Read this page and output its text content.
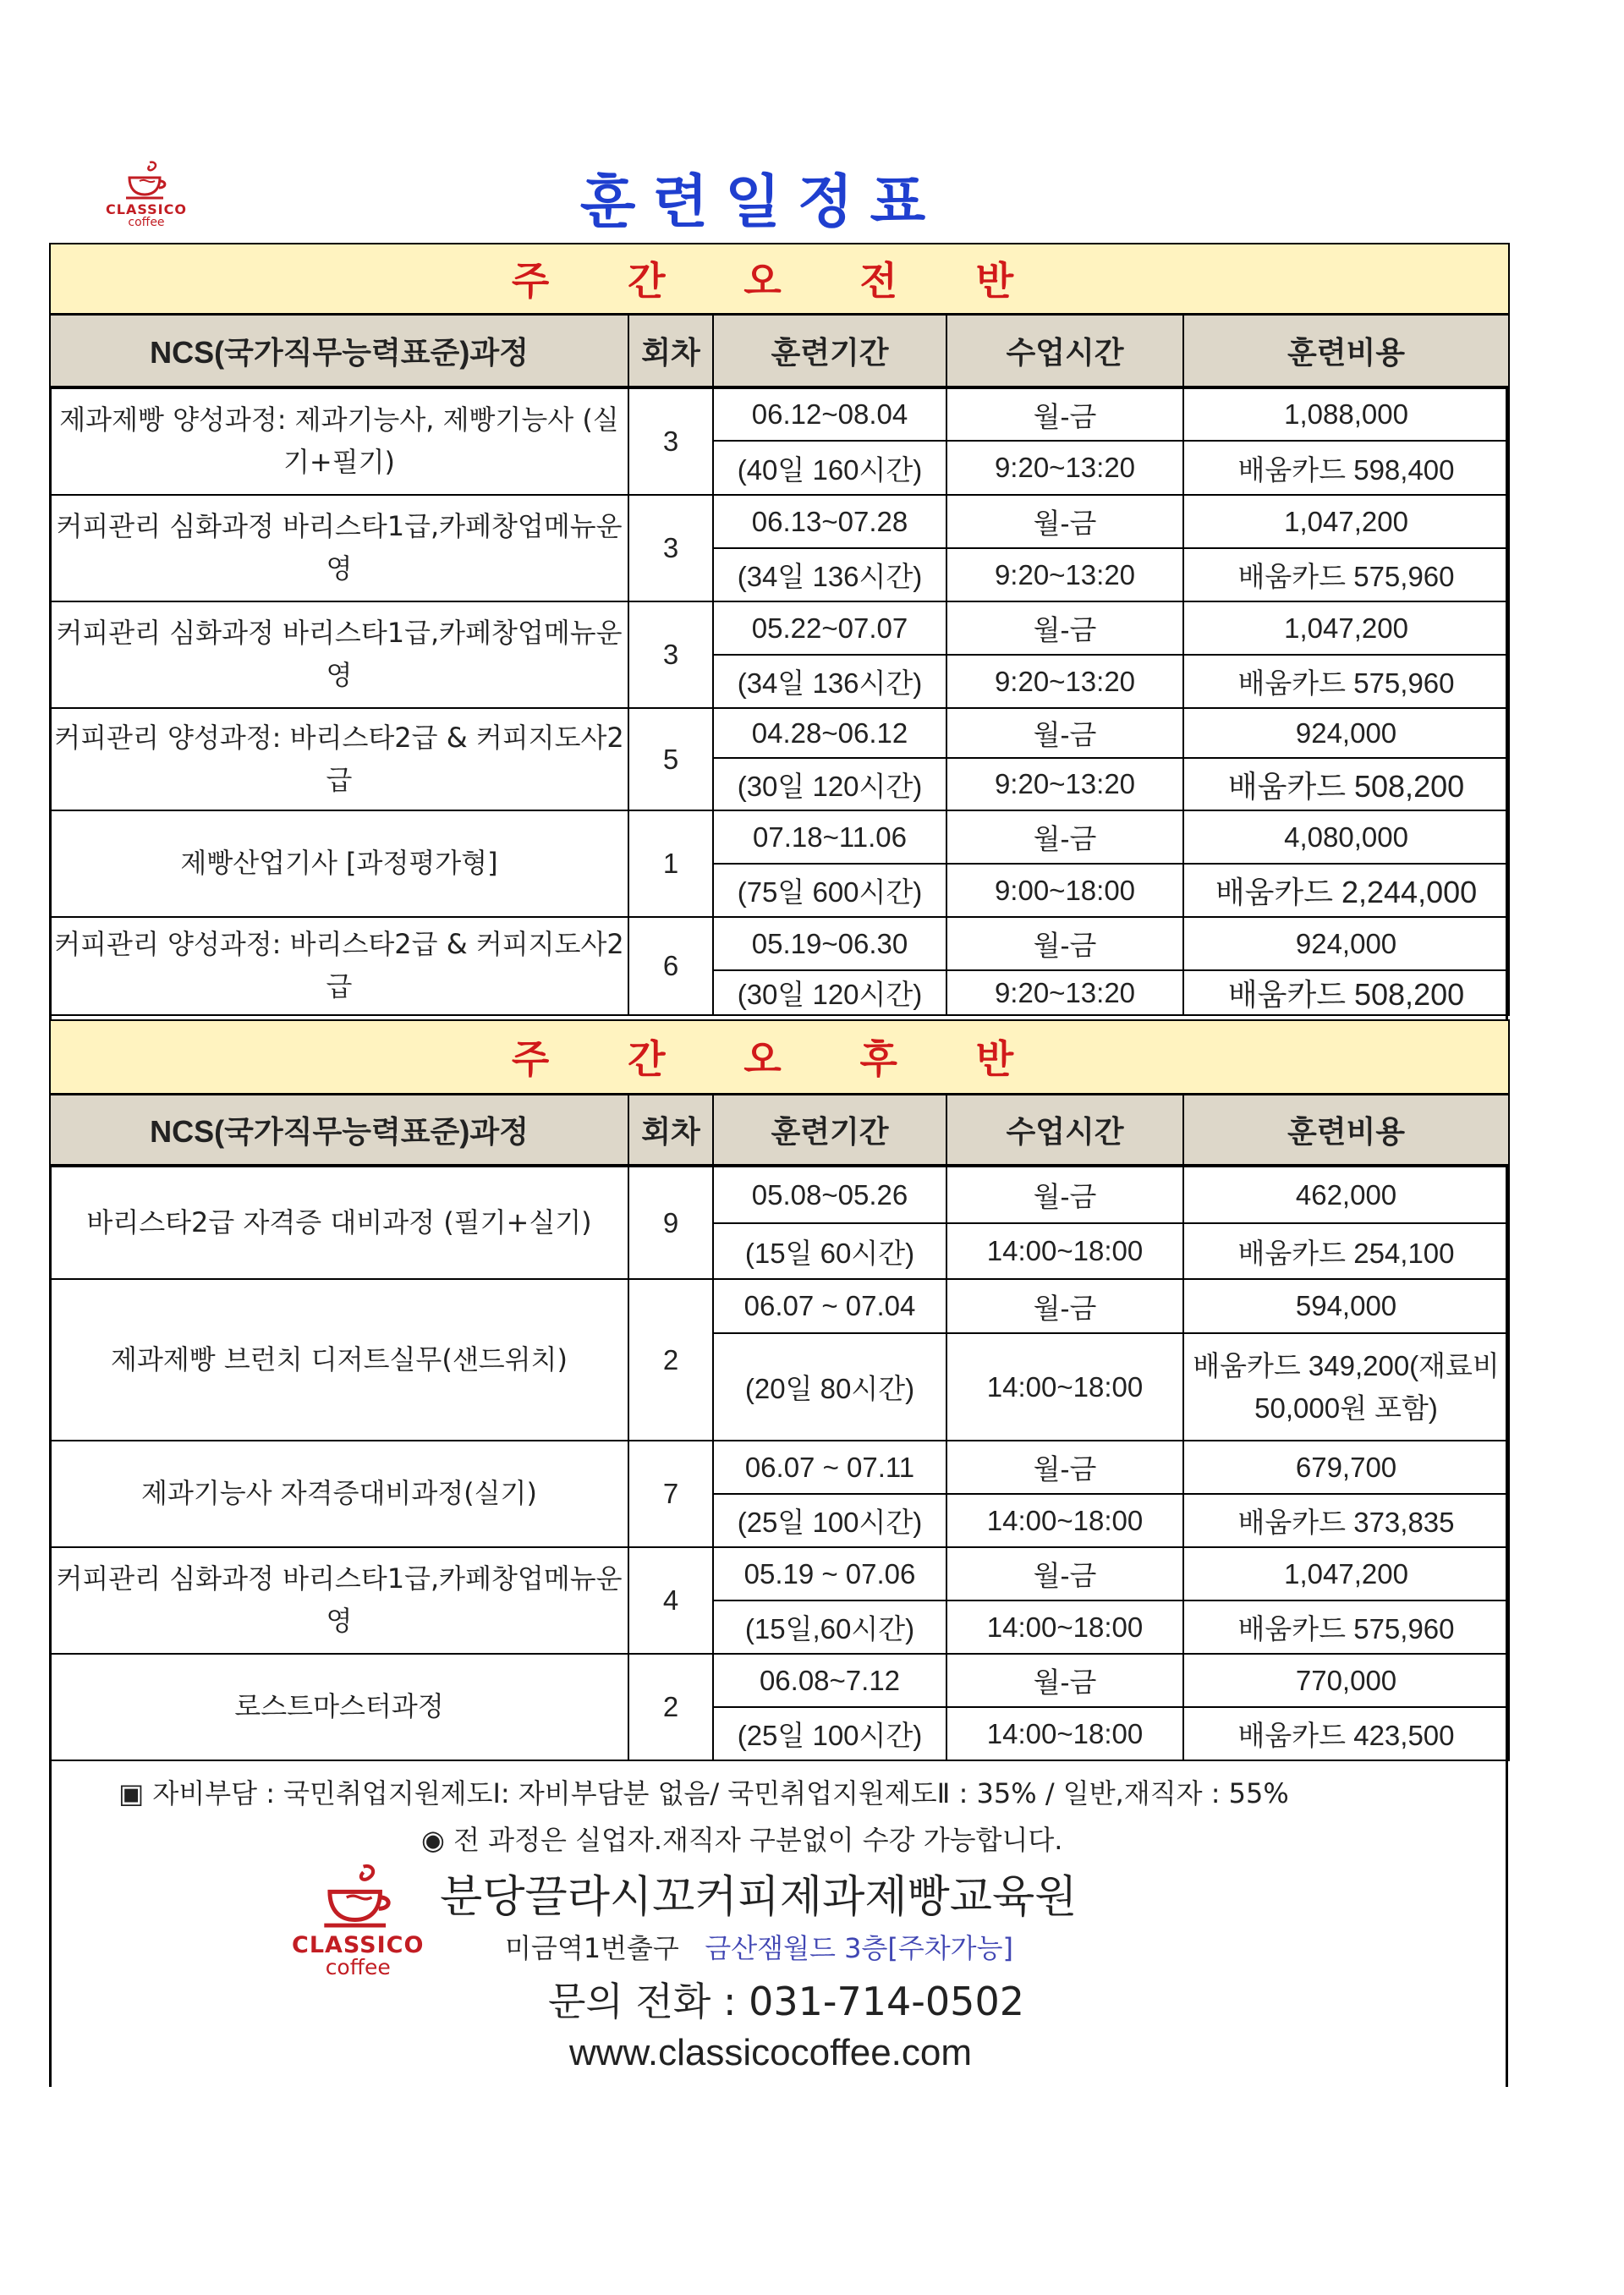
CLASSICO
coffee	훈련일정표
주 간 오 전 반				
NCS(국가직무능력표준)과정	회차	훈련기간	수업시간	훈련비용
제과제빵 양성과정: 제과기능사, 제빵기능사 (실기+필기)	3	06.12~08.04	월-금	1,088,000
		(40일 160시간)	9:20~13:20	배움카드 598,400
커피관리 심화과정 바리스타1급,카페창업메뉴운영	3	06.13~07.28	월-금	1,047,200
		(34일 136시간)	9:20~13:20	배움카드 575,960
커피관리 심화과정 바리스타1급,카페창업메뉴운영	3	05.22~07.07	월-금	1,047,200
		(34일 136시간)	9:20~13:20	배움카드 575,960
커피관리 양성과정: 바리스타2급 & 커피지도사2급	5	04.28~06.12	월-금	924,000
		(30일 120시간)	9:20~13:20	배움카드 508,200
제빵산업기사 [과정평가형]	1	07.18~11.06	월-금	4,080,000
		(75일 600시간)	9:00~18:00	배움카드 2,244,000
커피관리 양성과정: 바리스타2급 & 커피지도사2급	6	05.19~06.30	월-금	924,000
		(30일 120시간)	9:20~13:20	배움카드 508,200
주 간 오 후 반				
NCS(국가직무능력표준)과정	회차	훈련기간	수업시간	훈련비용
바리스타2급 자격증 대비과정 (필기+실기)	9	05.08~05.26	월-금	462,000
		(15일 60시간)	14:00~18:00	배움카드 254,100
제과제빵 브런치 디저트실무(샌드위치)	2	06.07 ~ 07.04	월-금	594,000
		(20일 80시간)	14:00~18:00	배움카드 349,200(재료비50,000원 포함)
제과기능사 자격증대비과정(실기)	7	06.07 ~ 07.11	월-금	679,700
		(25일 100시간)	14:00~18:00	배움카드 373,835
커피관리 심화과정 바리스타1급,카페창업메뉴운영	4	05.19 ~ 07.06	월-금	1,047,200
		(15일,60시간)	14:00~18:00	배움카드 575,960
로스트마스터과정	2	06.08~7.12	월-금	770,000
		(25일 100시간)	14:00~18:00	배움카드 423,500
▣ 자비부담 : 국민취업지원제도Ⅰ: 자비부담분 없음/ 국민취업지원제도Ⅱ : 35% / 일반,재직자 : 55%
◉ 전 과정은 실업자.재직자 구분없이 수강 가능합니다.
CLASSICO
coffee
분당끌라시꼬커피제과제빵교육원
미금역1번출구 금산잼월드 3층[주차가능]
문의 전화 : 031-714-0502
www.classicocoffee.com
